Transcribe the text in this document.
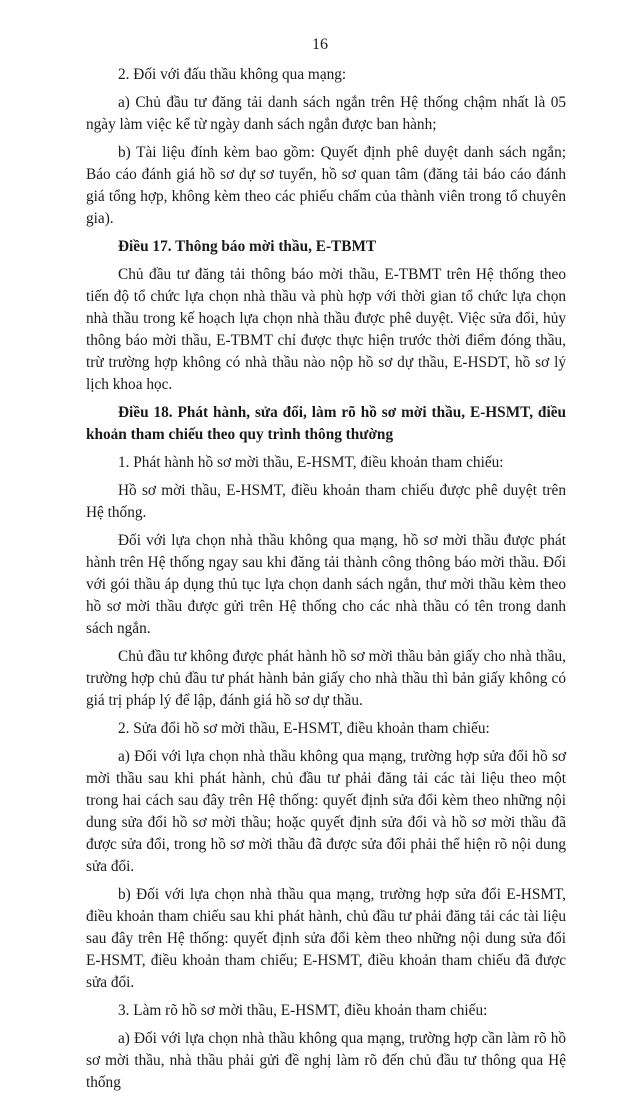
16

2. Đối với đấu thầu không qua mạng:

a) Chủ đầu tư đăng tải danh sách ngắn trên Hệ thống chậm nhất là 05 ngày làm việc kể từ ngày danh sách ngắn được ban hành;

b) Tài liệu đính kèm bao gồm: Quyết định phê duyệt danh sách ngắn; Báo cáo đánh giá hồ sơ dự sơ tuyển, hồ sơ quan tâm (đăng tải báo cáo đánh giá tổng hợp, không kèm theo các phiếu chấm của thành viên trong tổ chuyên gia).

Điều 17. Thông báo mời thầu, E-TBMT

Chủ đầu tư đăng tải thông báo mời thầu, E-TBMT trên Hệ thống theo tiến độ tổ chức lựa chọn nhà thầu và phù hợp với thời gian tổ chức lựa chọn nhà thầu trong kế hoạch lựa chọn nhà thầu được phê duyệt. Việc sửa đổi, hủy thông báo mời thầu, E-TBMT chỉ được thực hiện trước thời điểm đóng thầu, trừ trường hợp không có nhà thầu nào nộp hồ sơ dự thầu, E-HSDT, hồ sơ lý lịch khoa học.

Điều 18. Phát hành, sửa đổi, làm rõ hồ sơ mời thầu, E-HSMT, điều khoản tham chiếu theo quy trình thông thường

1. Phát hành hồ sơ mời thầu, E-HSMT, điều khoản tham chiếu:

Hồ sơ mời thầu, E-HSMT, điều khoản tham chiếu được phê duyệt trên Hệ thống.

Đối với lựa chọn nhà thầu không qua mạng, hồ sơ mời thầu được phát hành trên Hệ thống ngay sau khi đăng tải thành công thông báo mời thầu. Đối với gói thầu áp dụng thủ tục lựa chọn danh sách ngắn, thư mời thầu kèm theo hồ sơ mời thầu được gửi trên Hệ thống cho các nhà thầu có tên trong danh sách ngắn.

Chủ đầu tư không được phát hành hồ sơ mời thầu bản giấy cho nhà thầu, trường hợp chủ đầu tư phát hành bản giấy cho nhà thầu thì bản giấy không có giá trị pháp lý để lập, đánh giá hồ sơ dự thầu.

2. Sửa đổi hồ sơ mời thầu, E-HSMT, điều khoản tham chiếu:

a) Đối với lựa chọn nhà thầu không qua mạng, trường hợp sửa đổi hồ sơ mời thầu sau khi phát hành, chủ đầu tư phải đăng tải các tài liệu theo một trong hai cách sau đây trên Hệ thống: quyết định sửa đổi kèm theo những nội dung sửa đổi hồ sơ mời thầu; hoặc quyết định sửa đổi và hồ sơ mời thầu đã được sửa đổi, trong hồ sơ mời thầu đã được sửa đổi phải thể hiện rõ nội dung sửa đổi.

b) Đối với lựa chọn nhà thầu qua mạng, trường hợp sửa đổi E-HSMT, điều khoản tham chiếu sau khi phát hành, chủ đầu tư phải đăng tải các tài liệu sau đây trên Hệ thống: quyết định sửa đổi kèm theo những nội dung sửa đổi E-HSMT, điều khoản tham chiếu; E-HSMT, điều khoản tham chiếu đã được sửa đổi.

3. Làm rõ hồ sơ mời thầu, E-HSMT, điều khoản tham chiếu:

a) Đối với lựa chọn nhà thầu không qua mạng, trường hợp cần làm rõ hồ sơ mời thầu, nhà thầu phải gửi đề nghị làm rõ đến chủ đầu tư thông qua Hệ thống
